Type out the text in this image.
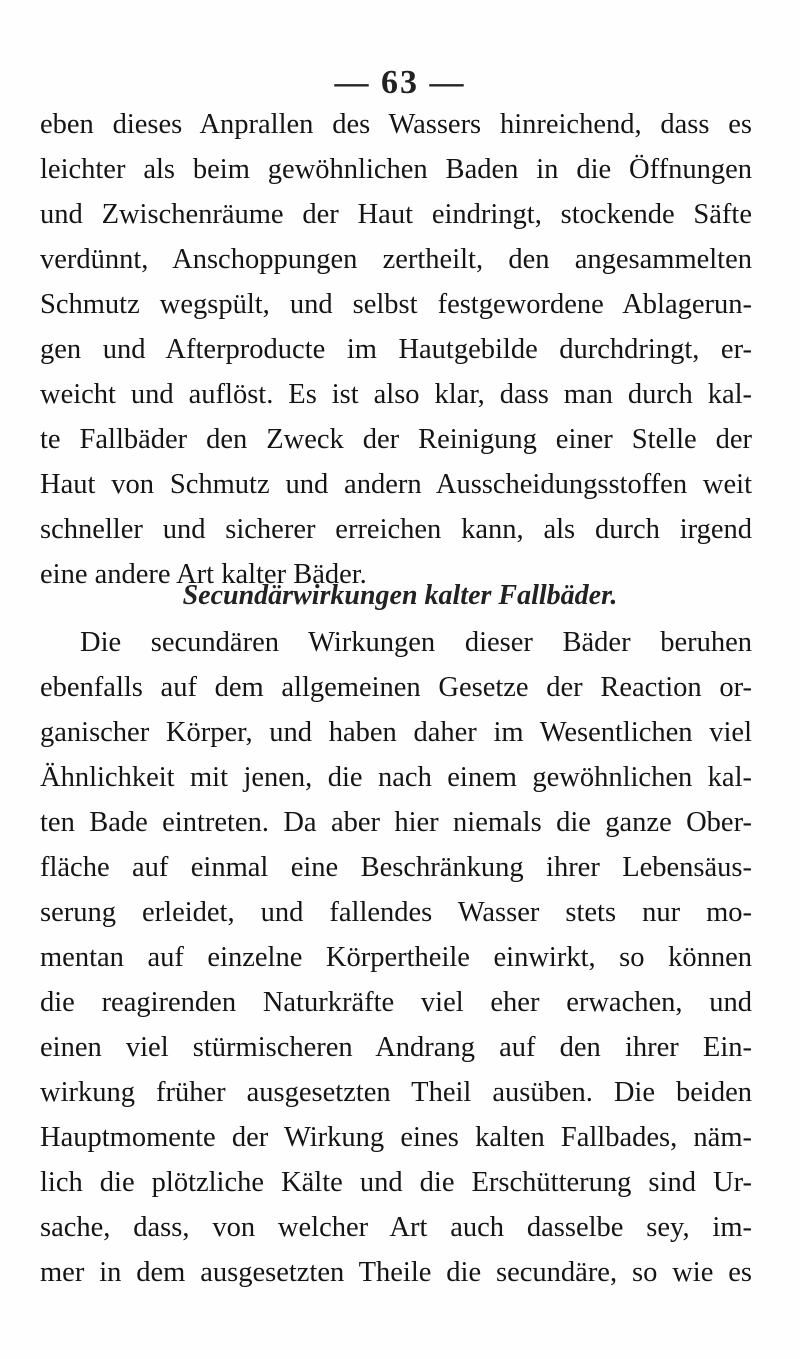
— 63 —
eben dieses Anprallen des Wassers hinreichend, dass es
leichter als beim gewöhnlichen Baden in die Öffnungen
und Zwischenräume der Haut eindringt, stockende Säfte
verdünnt, Anschoppungen zertheilt, den angesammelten
Schmutz wegspült, und selbst festgewordene Ablagerun-
gen und Afterproducte im Hautgebilde durchdringt, er-
weicht und auflöst. Es ist also klar, dass man durch kal-
te Fallbäder den Zweck der Reinigung einer Stelle der
Haut von Schmutz und andern Ausscheidungsstoffen weit
schneller und sicherer erreichen kann, als durch irgend
eine andere Art kalter Bäder.
Secundärwirkungen kalter Fallbäder.
Die secundären Wirkungen dieser Bäder beruhen
ebenfalls auf dem allgemeinen Gesetze der Reaction or-
ganischer Körper, und haben daher im Wesentlichen viel
Ähnlichkeit mit jenen, die nach einem gewöhnlichen kal-
ten Bade eintreten. Da aber hier niemals die ganze Ober-
fläche auf einmal eine Beschränkung ihrer Lebensäus-
serung erleidet, und fallendes Wasser stets nur mo-
mentan auf einzelne Körpertheile einwirkt, so können
die reagirenden Naturkräfte viel eher erwachen, und
einen viel stürmischeren Andrang auf den ihrer Ein-
wirkung früher ausgesetzten Theil ausüben. Die beiden
Hauptmomente der Wirkung eines kalten Fallbades, näm-
lich die plötzliche Kälte und die Erschütterung sind Ur-
sache, dass, von welcher Art auch dasselbe sey, im-
mer in dem ausgesetzten Theile die secundäre, so wie es
